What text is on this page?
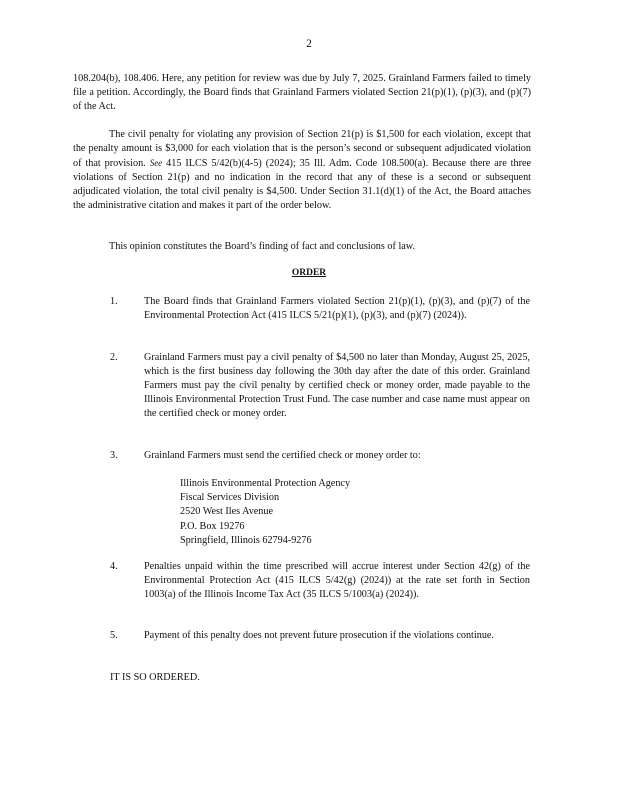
2
108.204(b), 108.406. Here, any petition for review was due by July 7, 2025. Grainland Farmers failed to timely file a petition. Accordingly, the Board finds that Grainland Farmers violated Section 21(p)(1), (p)(3), and (p)(7) of the Act.
The civil penalty for violating any provision of Section 21(p) is $1,500 for each violation, except that the penalty amount is $3,000 for each violation that is the person’s second or subsequent adjudicated violation of that provision. See 415 ILCS 5/42(b)(4-5) (2024); 35 Ill. Adm. Code 108.500(a). Because there are three violations of Section 21(p) and no indication in the record that any of these is a second or subsequent adjudicated violation, the total civil penalty is $4,500. Under Section 31.1(d)(1) of the Act, the Board attaches the administrative citation and makes it part of the order below.
This opinion constitutes the Board’s finding of fact and conclusions of law.
ORDER
1.	The Board finds that Grainland Farmers violated Section 21(p)(1), (p)(3), and (p)(7) of the Environmental Protection Act (415 ILCS 5/21(p)(1), (p)(3), and (p)(7) (2024)).
2.	Grainland Farmers must pay a civil penalty of $4,500 no later than Monday, August 25, 2025, which is the first business day following the 30th day after the date of this order. Grainland Farmers must pay the civil penalty by certified check or money order, made payable to the Illinois Environmental Protection Trust Fund. The case number and case name must appear on the certified check or money order.
3.	Grainland Farmers must send the certified check or money order to:
Illinois Environmental Protection Agency
Fiscal Services Division
2520 West Iles Avenue
P.O. Box 19276
Springfield, Illinois 62794-9276
4.	Penalties unpaid within the time prescribed will accrue interest under Section 42(g) of the Environmental Protection Act (415 ILCS 5/42(g) (2024)) at the rate set forth in Section 1003(a) of the Illinois Income Tax Act (35 ILCS 5/1003(a) (2024)).
5.	Payment of this penalty does not prevent future prosecution if the violations continue.
IT IS SO ORDERED.
